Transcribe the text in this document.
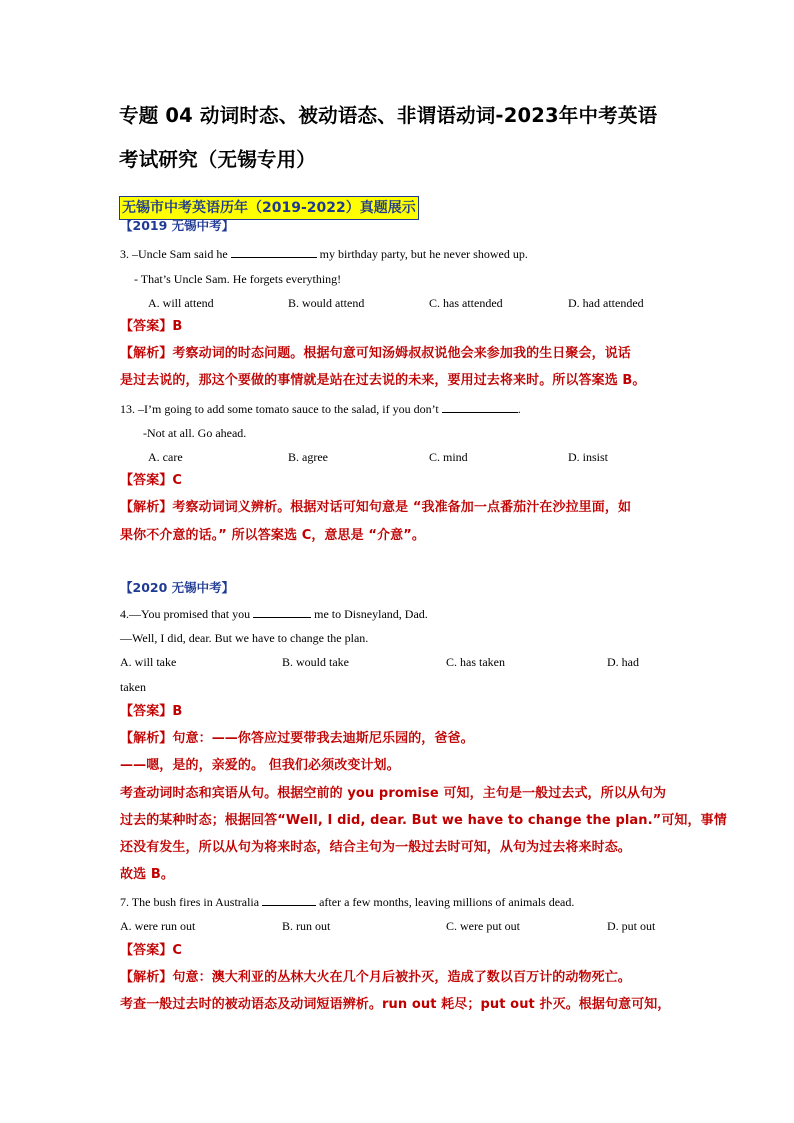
专题 04 动词时态、被动语态、非谓语动词-2023年中考英语
考试研究（无锡专用）
无锡市中考英语历年（2019-2022）真题展示
【2019 无锡中考】
3. –Uncle Sam said he	my birthday party, but he never showed up.
- That’s Uncle Sam. He forgets everything!
A. will attend	B. would attend	C. has attended	D. had attended
【答案】B
【解析】考察动词的时态问题。根据句意可知汤姆叔叔说他会来参加我的生日聚会，说话
是过去说的，那这个要做的事情就是站在过去说的未来，要用过去将来时。所以答案选 B。
13. –I’m going to add some tomato sauce to the salad, if you don’t	.
-Not at all. Go ahead.
A. care	B. agree	C. mind	D. insist
【答案】C
【解析】考察动词词义辨析。根据对话可知句意是 “我准备加一点番茄汁在沙拉里面，如
果你不介意的话。” 所以答案选 C，意思是 “介意”。
【2020 无锡中考】
4.—You promised that you	me to Disneyland, Dad.
—Well, I did, dear. But we have to change the plan.
A. will take	B. would take	C. has taken	D. had
taken
【答案】B
【解析】句意：——你答应过要带我去迪斯尼乐园的，爸爸。
——嗯，是的，亲爱的。 但我们必须改变计划。
考查动词时态和宾语从句。根据空前的 you promise 可知，主句是一般过去式，所以从句为
过去的某种时态；根据回答“Well, I did, dear. But we have to change the plan.”可知，事情
还没有发生，所以从句为将来时态，结合主句为一般过去时可知，从句为过去将来时态。
故选 B。
7. The bush fires in Australia	after a few months, leaving millions of animals dead.
A. were run out	B. run out	C. were put out	D. put out
【答案】C
【解析】句意：澳大利亚的丛林大火在几个月后被扑灭，造成了数以百万计的动物死亡。
考查一般过去时的被动语态及动词短语辨析。run out 耗尽；put out 扑灭。根据句意可知，
